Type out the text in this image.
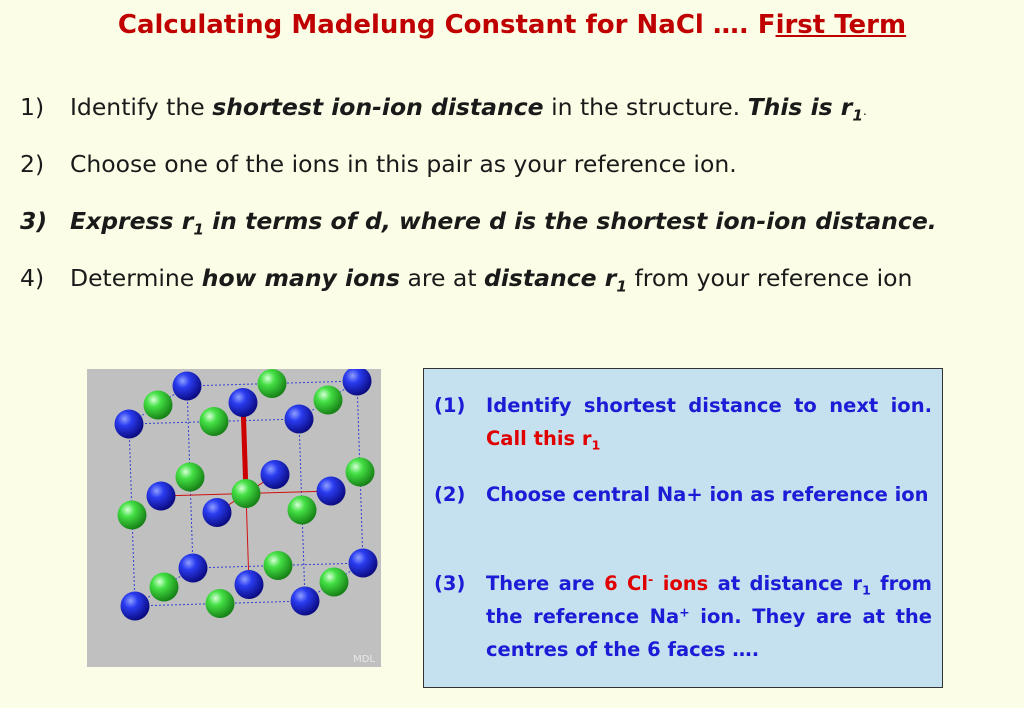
Calculating Madelung Constant for NaCl …. First Term
1)	Identify the shortest ion-ion distance in the structure. This is $r_1$.
2)	Choose one of the ions in this pair as your reference ion.
3) Express $r_1$ in terms of d, where d is the shortest ion-ion distance.
4)	Determine how many ions are at distance $r_1$ from your reference ion
MDL
(1)	Identify shortest distance to next ion. Call this $r_1$
(2)	Choose central Na+ ion as reference ion
(3)	There are 6 Cl- ions at distance $r_1$ from the reference Na+ ion. They are at the centres of the 6 faces ….
